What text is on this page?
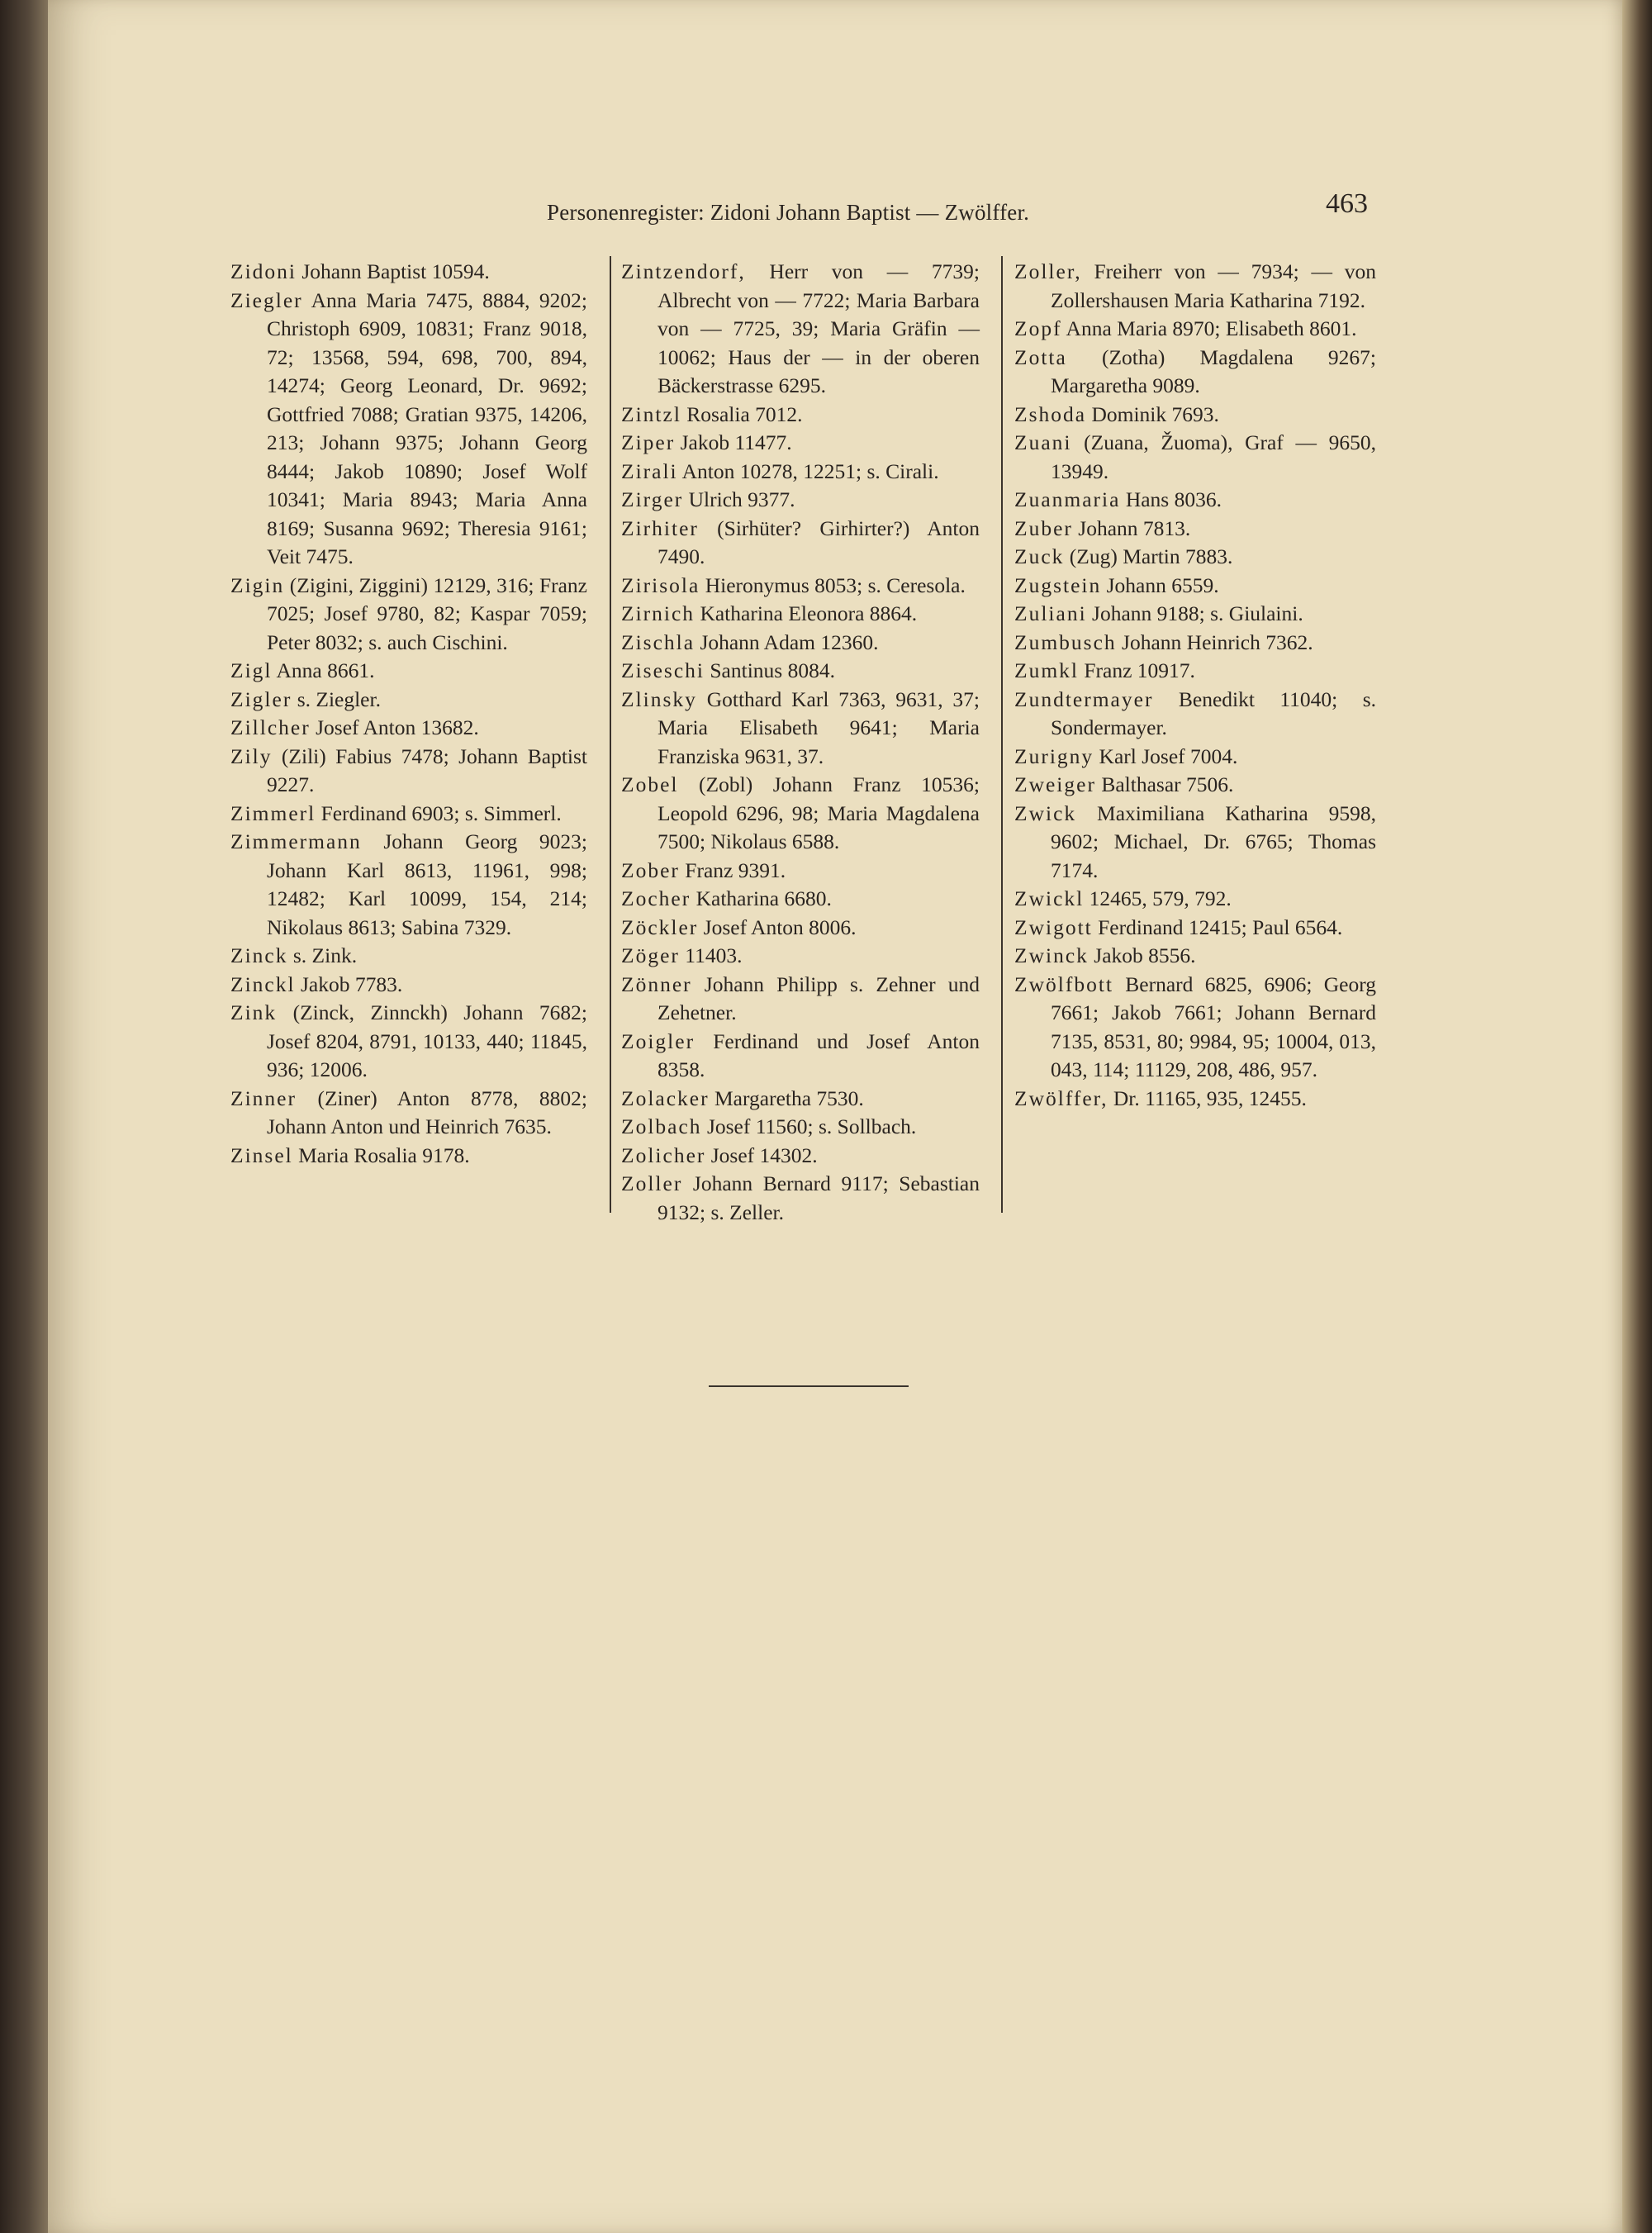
Personenregister: Zidoni Johann Baptist — Zwölffer.	463

Zidoni Johann Baptist 10594.

Ziegler Anna Maria 7475, 8884, 9202; Christoph 6909, 10831; Franz 9018, 72; 13568, 594, 698, 700, 894, 14274; Georg Leonard, Dr. 9692; Gottfried 7088; Gratian 9375, 14206, 213; Johann 9375; Johann Georg 8444; Jakob 10890; Josef Wolf 10341; Maria 8943; Maria Anna 8169; Susanna 9692; Theresia 9161; Veit 7475.

Zigin (Zigini, Ziggini) 12129, 316; Franz 7025; Josef 9780, 82; Kaspar 7059; Peter 8032; s. auch Cischini.

Zigl Anna 8661.

Zigler s. Ziegler.

Zillcher Josef Anton 13682.

Zily (Zili) Fabius 7478; Johann Baptist 9227.

Zimmerl Ferdinand 6903; s. Simmerl.

Zimmermann Johann Georg 9023; Johann Karl 8613, 11961, 998; 12482; Karl 10099, 154, 214; Nikolaus 8613; Sabina 7329.

Zinck s. Zink.

Zinckl Jakob 7783.

Zink (Zinck, Zinnckh) Johann 7682; Josef 8204, 8791, 10133, 440; 11845, 936; 12006.

Zinner (Ziner) Anton 8778, 8802; Johann Anton und Heinrich 7635.

Zinsel Maria Rosalia 9178.

Zintzendorf, Herr von — 7739; Albrecht von — 7722; Maria Barbara von — 7725, 39; Maria Gräfin — 10062; Haus der — in der oberen Bäckerstrasse 6295.

Zintzl Rosalia 7012.

Ziper Jakob 11477.

Zirali Anton 10278, 12251; s. Cirali.

Zirger Ulrich 9377.

Zirhiter (Sirhüter? Girhirter?) Anton 7490.

Zirisola Hieronymus 8053; s. Ceresola.

Zirnich Katharina Eleonora 8864.

Zischla Johann Adam 12360.

Ziseschi Santinus 8084.

Zlinsky Gotthard Karl 7363, 9631, 37; Maria Elisabeth 9641; Maria Franziska 9631, 37.

Zobel (Zobl) Johann Franz 10536; Leopold 6296, 98; Maria Magdalena 7500; Nikolaus 6588.

Zober Franz 9391.

Zocher Katharina 6680.

Zöckler Josef Anton 8006.

Zöger 11403.

Zönner Johann Philipp s. Zehner und Zehetner.

Zoigler Ferdinand und Josef Anton 8358.

Zolacker Margaretha 7530.

Zolbach Josef 11560; s. Sollbach.

Zolicher Josef 14302.

Zoller Johann Bernard 9117; Sebastian 9132; s. Zeller.

Zoller, Freiherr von — 7934; — von Zollershausen Maria Katharina 7192.

Zopf Anna Maria 8970; Elisabeth 8601.

Zotta (Zotha) Magdalena 9267; Margaretha 9089.

Zshoda Dominik 7693.

Zuani (Zuana, Žuoma), Graf — 9650, 13949.

Zuanmaria Hans 8036.

Zuber Johann 7813.

Zuck (Zug) Martin 7883.

Zugstein Johann 6559.

Zuliani Johann 9188; s. Giulaini.

Zumbusch Johann Heinrich 7362.

Zumkl Franz 10917.

Zundtermayer Benedikt 11040; s. Sondermayer.

Zurigny Karl Josef 7004.

Zweiger Balthasar 7506.

Zwick Maximiliana Katharina 9598, 9602; Michael, Dr. 6765; Thomas 7174.

Zwickl 12465, 579, 792.

Zwigott Ferdinand 12415; Paul 6564.

Zwinck Jakob 8556.

Zwölfbott Bernard 6825, 6906; Georg 7661; Jakob 7661; Johann Bernard 7135, 8531, 80; 9984, 95; 10004, 013, 043, 114; 11129, 208, 486, 957.

Zwölffer, Dr. 11165, 935, 12455.
